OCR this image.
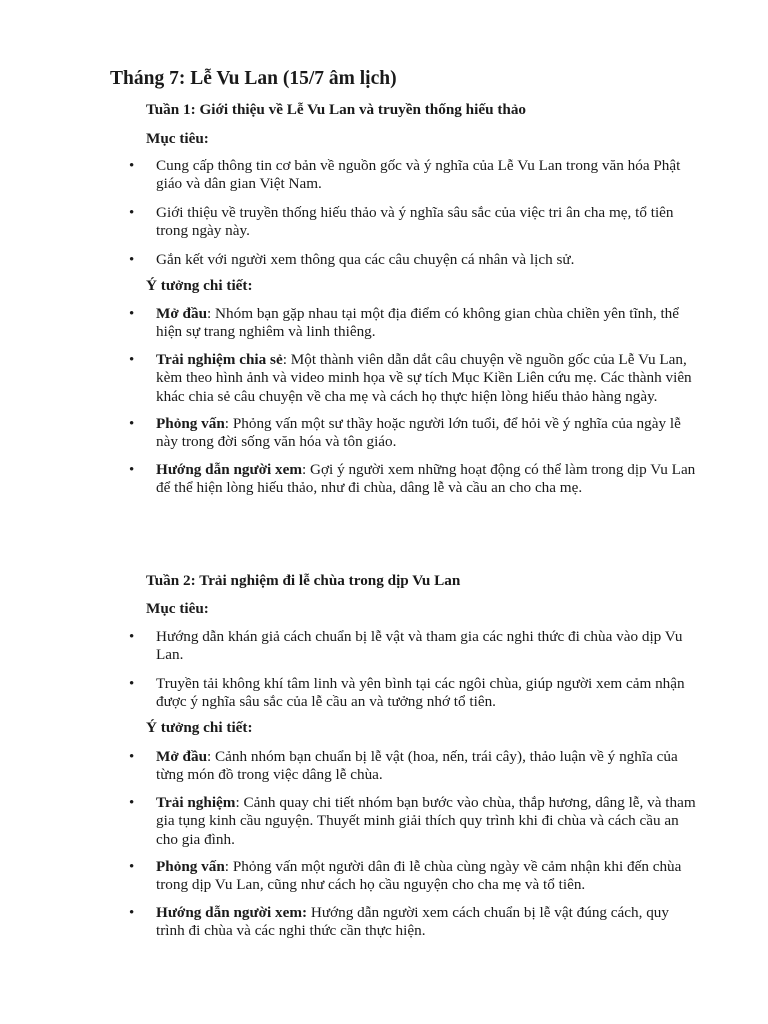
Tháng 7: Lễ Vu Lan (15/7 âm lịch)
Tuần 1: Giới thiệu về Lễ Vu Lan và truyền thống hiếu thảo
Mục tiêu:
• Cung cấp thông tin cơ bản về nguồn gốc và ý nghĩa của Lễ Vu Lan trong văn hóa Phật giáo và dân gian Việt Nam.
• Giới thiệu về truyền thống hiếu thảo và ý nghĩa sâu sắc của việc tri ân cha mẹ, tổ tiên trong ngày này.
• Gắn kết với người xem thông qua các câu chuyện cá nhân và lịch sử.
Ý tưởng chi tiết:
• Mở đầu: Nhóm bạn gặp nhau tại một địa điểm có không gian chùa chiền yên tĩnh, thể hiện sự trang nghiêm và linh thiêng.
• Trải nghiệm chia sẻ: Một thành viên dẫn dắt câu chuyện về nguồn gốc của Lễ Vu Lan, kèm theo hình ảnh và video minh họa về sự tích Mục Kiền Liên cứu mẹ. Các thành viên khác chia sẻ câu chuyện về cha mẹ và cách họ thực hiện lòng hiếu thảo hàng ngày.
• Phỏng vấn: Phỏng vấn một sư thầy hoặc người lớn tuổi, để hỏi về ý nghĩa của ngày lễ này trong đời sống văn hóa và tôn giáo.
• Hướng dẫn người xem: Gợi ý người xem những hoạt động có thể làm trong dịp Vu Lan để thể hiện lòng hiếu thảo, như đi chùa, dâng lễ và cầu an cho cha mẹ.
Tuần 2: Trải nghiệm đi lễ chùa trong dịp Vu Lan
Mục tiêu:
• Hướng dẫn khán giả cách chuẩn bị lễ vật và tham gia các nghi thức đi chùa vào dịp Vu Lan.
• Truyền tải không khí tâm linh và yên bình tại các ngôi chùa, giúp người xem cảm nhận được ý nghĩa sâu sắc của lễ cầu an và tưởng nhớ tổ tiên.
Ý tưởng chi tiết:
• Mở đầu: Cảnh nhóm bạn chuẩn bị lễ vật (hoa, nến, trái cây), thảo luận về ý nghĩa của từng món đồ trong việc dâng lễ chùa.
• Trải nghiệm: Cảnh quay chi tiết nhóm bạn bước vào chùa, thắp hương, dâng lễ, và tham gia tụng kinh cầu nguyện. Thuyết minh giải thích quy trình khi đi chùa và cách cầu an cho gia đình.
• Phỏng vấn: Phỏng vấn một người dân đi lễ chùa cùng ngày về cảm nhận khi đến chùa trong dịp Vu Lan, cũng như cách họ cầu nguyện cho cha mẹ và tổ tiên.
• Hướng dẫn người xem: Hướng dẫn người xem cách chuẩn bị lễ vật đúng cách, quy trình đi chùa và các nghi thức cần thực hiện.
